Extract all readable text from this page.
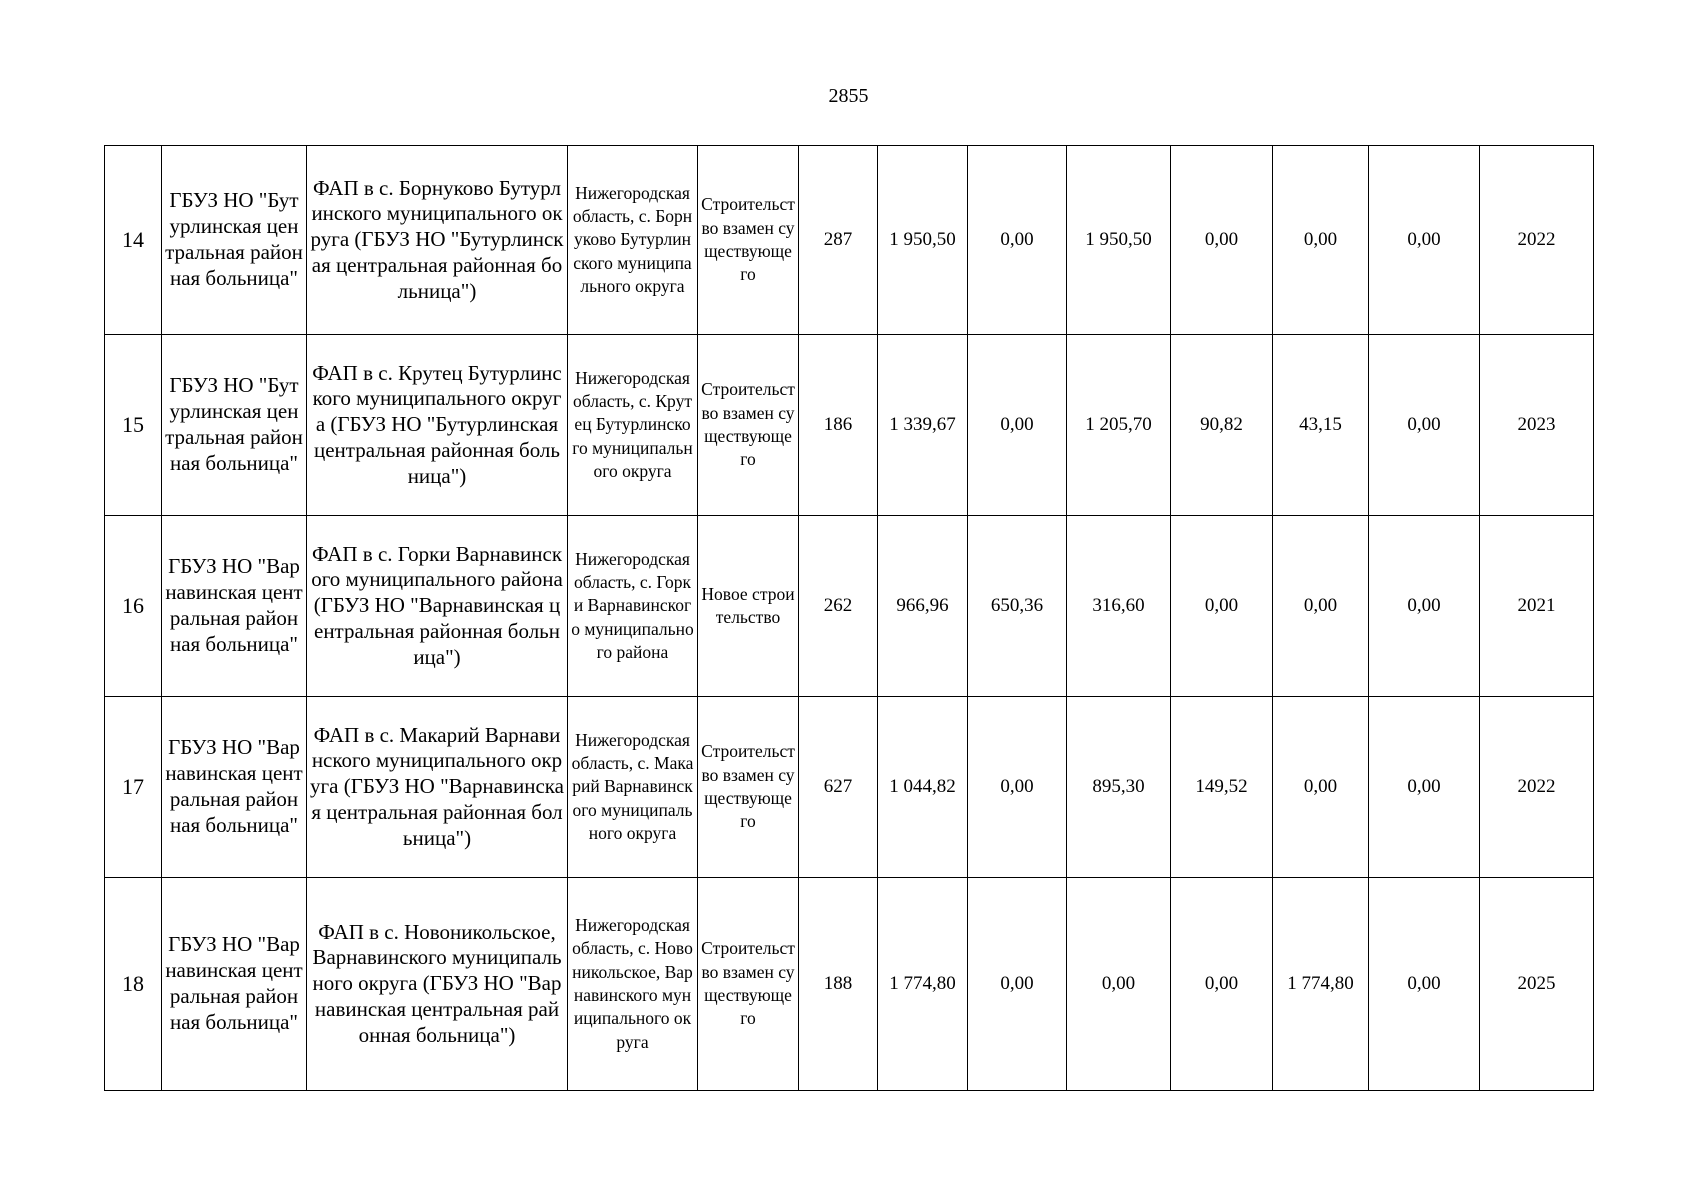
2855
14	ГБУЗ НО "Бутурлинская центральная районная больница"	ФАП в с. Борнуково Бутурлинского муниципального округа (ГБУЗ НО "Бутурлинская центральная районная больница")	Нижегородская область, с. Борнуково Бутурлинского муниципального округа	Строительство взамен существующего	287	1 950,50	0,00	1 950,50	0,00	0,00	0,00	2022
15	ГБУЗ НО "Бутурлинская центральная районная больница"	ФАП в с. Крутец Бутурлинского муниципального округа (ГБУЗ НО "Бутурлинская центральная районная больница")	Нижегородская область, с. Крутец Бутурлинского муниципального округа	Строительство взамен существующего	186	1 339,67	0,00	1 205,70	90,82	43,15	0,00	2023
16	ГБУЗ НО "Варнавинская центральная районная больница"	ФАП в с. Горки Варнавинского муниципального района (ГБУЗ НО "Варнавинская центральная районная больница")	Нижегородская область, с. Горки Варнавинского муниципального района	Новое строительство	262	966,96	650,36	316,60	0,00	0,00	0,00	2021
17	ГБУЗ НО "Варнавинская центральная районная больница"	ФАП в с. Макарий Варнавинского муниципального округа (ГБУЗ НО "Варнавинская центральная районная больница")	Нижегородская область, с. Макарий Варнавинского муниципального округа	Строительство взамен существующего	627	1 044,82	0,00	895,30	149,52	0,00	0,00	2022
18	ГБУЗ НО "Варнавинская центральная районная больница"	ФАП в с. Новоникольское, Варнавинского муниципального округа (ГБУЗ НО "Варнавинская центральная районная больница")	Нижегородская область, с. Новоникольское, Варнавинского муниципального округа	Строительство взамен существующего	188	1 774,80	0,00	0,00	0,00	1 774,80	0,00	2025
